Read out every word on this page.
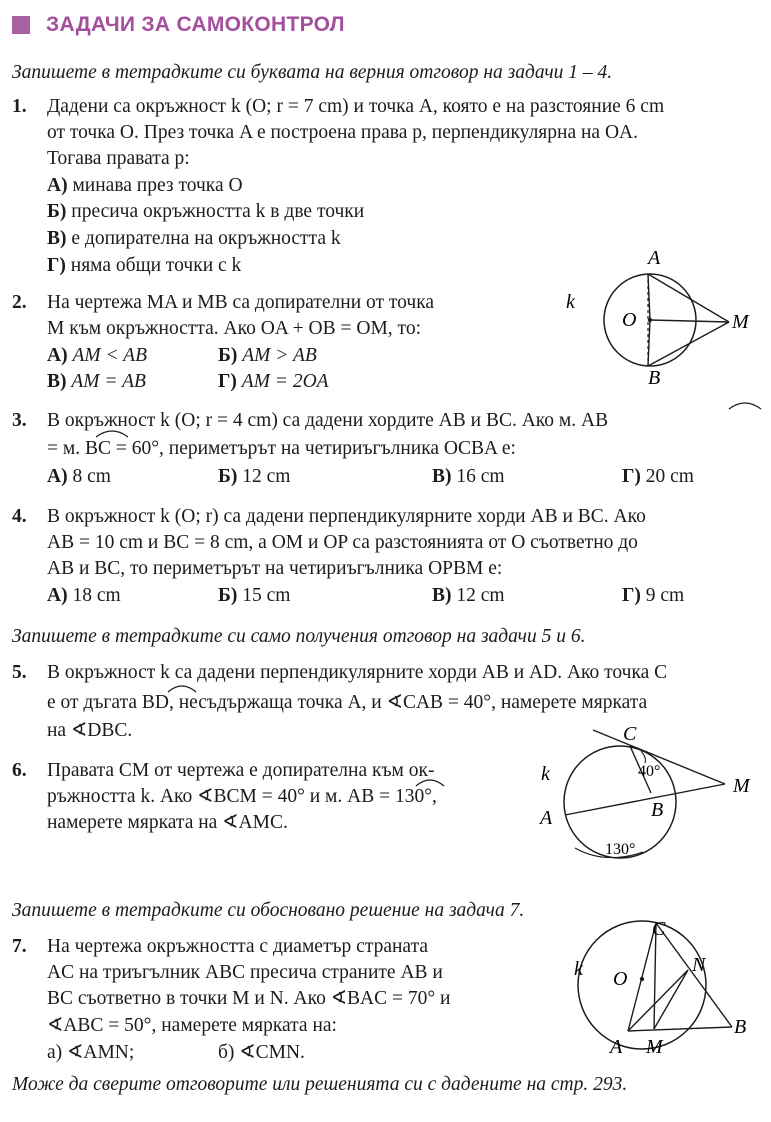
ЗАДАЧИ ЗА САМОКОНТРОЛ
Запишете в тетрадките си буквата на верния отговор на задачи 1 – 4.
1. Дадени са окръжност k (O; r = 7 cm) и точка A, която е на разстояние 6 cm
от точка O. През точка A е построена права p, перпендикулярна на OA.
Тогава правата p:
А) минава през точка O
Б) пресича окръжността k в две точки
В) е допирателна на окръжността k
Г) няма общи точки с k
k
O
A
B
M
2. На чертежа MA и MB са допирателни от точка
M към окръжността. Ако OA + OB = OM, то:
А) AM < AB	Б) AM > AB
В) AM = AB	Г) AM = 2OA
3. В окръжност k (O; r = 4 cm) са дадени хордите AB и BC. Ако м. AB
= м. BC = 60°, периметърът на четириъгълника OCBA е:
А) 8 cm	Б) 12 cm	В) 16 cm	Г) 20 cm
4. В окръжност k (O; r) са дадени перпендикулярните хорди AB и BC. Ако
AB = 10 cm и BC = 8 cm, а OM и OP са разстоянията от O съответно до
AB и BC, то периметърът на четириъгълника OPBM е:
А) 18 cm	Б) 15 cm	В) 12 cm	Г) 9 cm
Запишете в тетрадките си само получения отговор на задачи 5 и 6.
5. В окръжност k са дадени перпендикулярните хорди AB и AD. Ако точка C
е от дъгата BD, несъдържаща точка A, и ∢CAB = 40°, намерете мярката
на ∢DBC.	C
k	40°
M
B
A
130°
6. Правата CM от чертежа е допирателна към ок-
ръжността k. Ако ∢BCM = 40° и м. AB = 130°,
намерете мярката на ∢AMC.
Запишете в тетрадките си обосновано решение на задача 7.
C
k O
N
B
A M
7. На чертежа окръжността с диаметър страната
AC на триъгълник ABC пресича страните AB и
BC съответно в точки M и N. Ако ∢BAC = 70° и
∢ABC = 50°, намерете мярката на:
а) ∢AMN;	б) ∢CMN.
Може да сверите отговорите или решенията си с дадените на стр. 293.
